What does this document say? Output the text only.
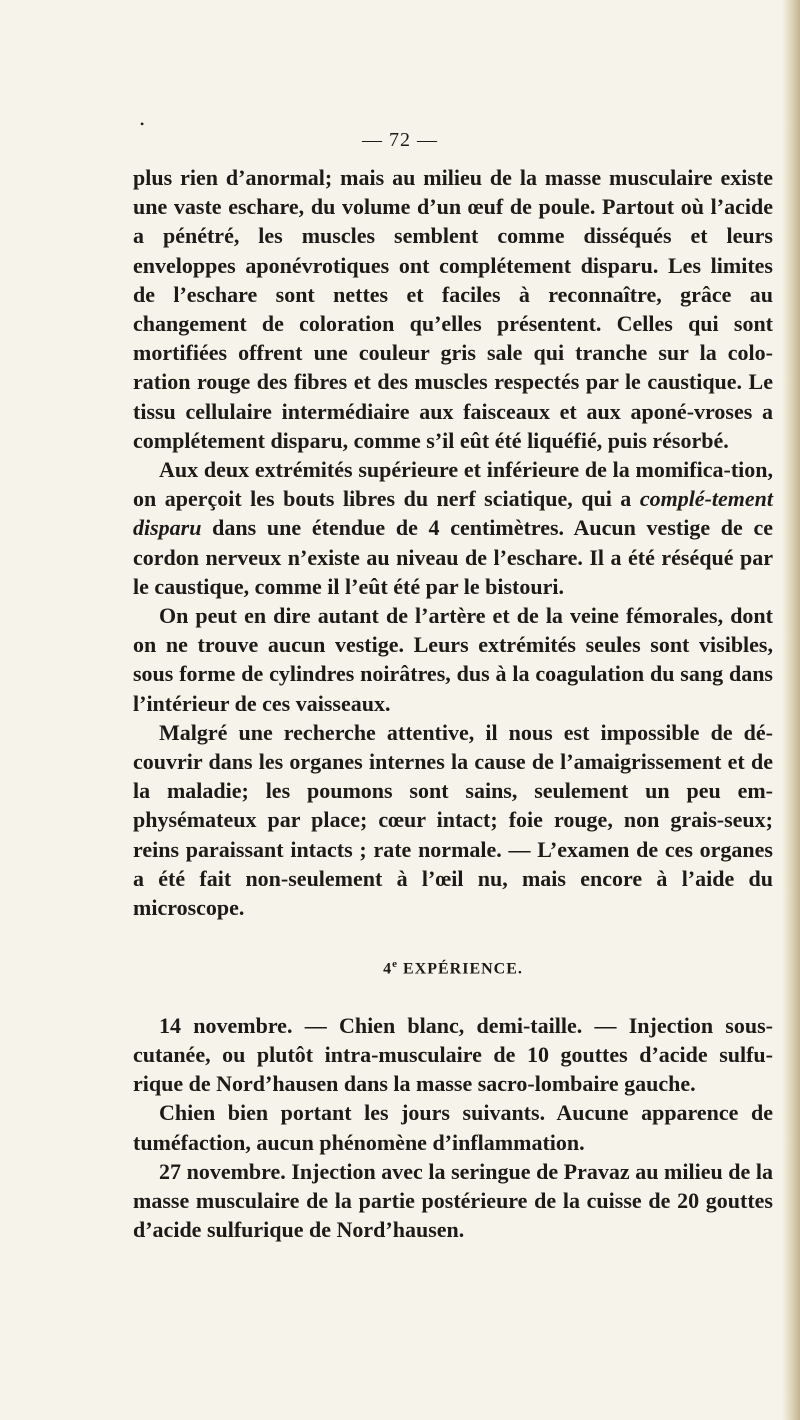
•
— 72 —

plus rien d’anormal; mais au milieu de la masse musculaire existe une vaste eschare, du volume d’un œuf de poule. Partout où l’acide a pénétré, les muscles semblent comme disséqués et leurs enveloppes aponévrotiques ont complétement disparu. Les limites de l’eschare sont nettes et faciles à reconnaître, grâce au changement de coloration qu’elles présentent. Celles qui sont mortifiées offrent une couleur gris sale qui tranche sur la colo-ration rouge des fibres et des muscles respectés par le caustique. Le tissu cellulaire intermédiaire aux faisceaux et aux aponé-vroses a complétement disparu, comme s’il eût été liquéfié, puis résorbé.

Aux deux extrémités supérieure et inférieure de la momifica-tion, on aperçoit les bouts libres du nerf sciatique, qui a complé-tement disparu dans une étendue de 4 centimètres. Aucun vestige de ce cordon nerveux n’existe au niveau de l’eschare. Il a été réséqué par le caustique, comme il l’eût été par le bistouri.

On peut en dire autant de l’artère et de la veine fémorales, dont on ne trouve aucun vestige. Leurs extrémités seules sont visibles, sous forme de cylindres noirâtres, dus à la coagulation du sang dans l’intérieur de ces vaisseaux.

Malgré une recherche attentive, il nous est impossible de dé-couvrir dans les organes internes la cause de l’amaigrissement et de la maladie; les poumons sont sains, seulement un peu em-physémateux par place; cœur intact; foie rouge, non grais-seux; reins paraissant intacts ; rate normale. — L’examen de ces organes a été fait non-seulement à l’œil nu, mais encore à l’aide du microscope.

4e EXPÉRIENCE.

14 novembre. — Chien blanc, demi-taille. — Injection sous-cutanée, ou plutôt intra-musculaire de 10 gouttes d’acide sulfu-rique de Nord’hausen dans la masse sacro-lombaire gauche.

Chien bien portant les jours suivants. Aucune apparence de tuméfaction, aucun phénomène d’inflammation.

27 novembre. Injection avec la seringue de Pravaz au milieu de la masse musculaire de la partie postérieure de la cuisse de 20 gouttes d’acide sulfurique de Nord’hausen.
